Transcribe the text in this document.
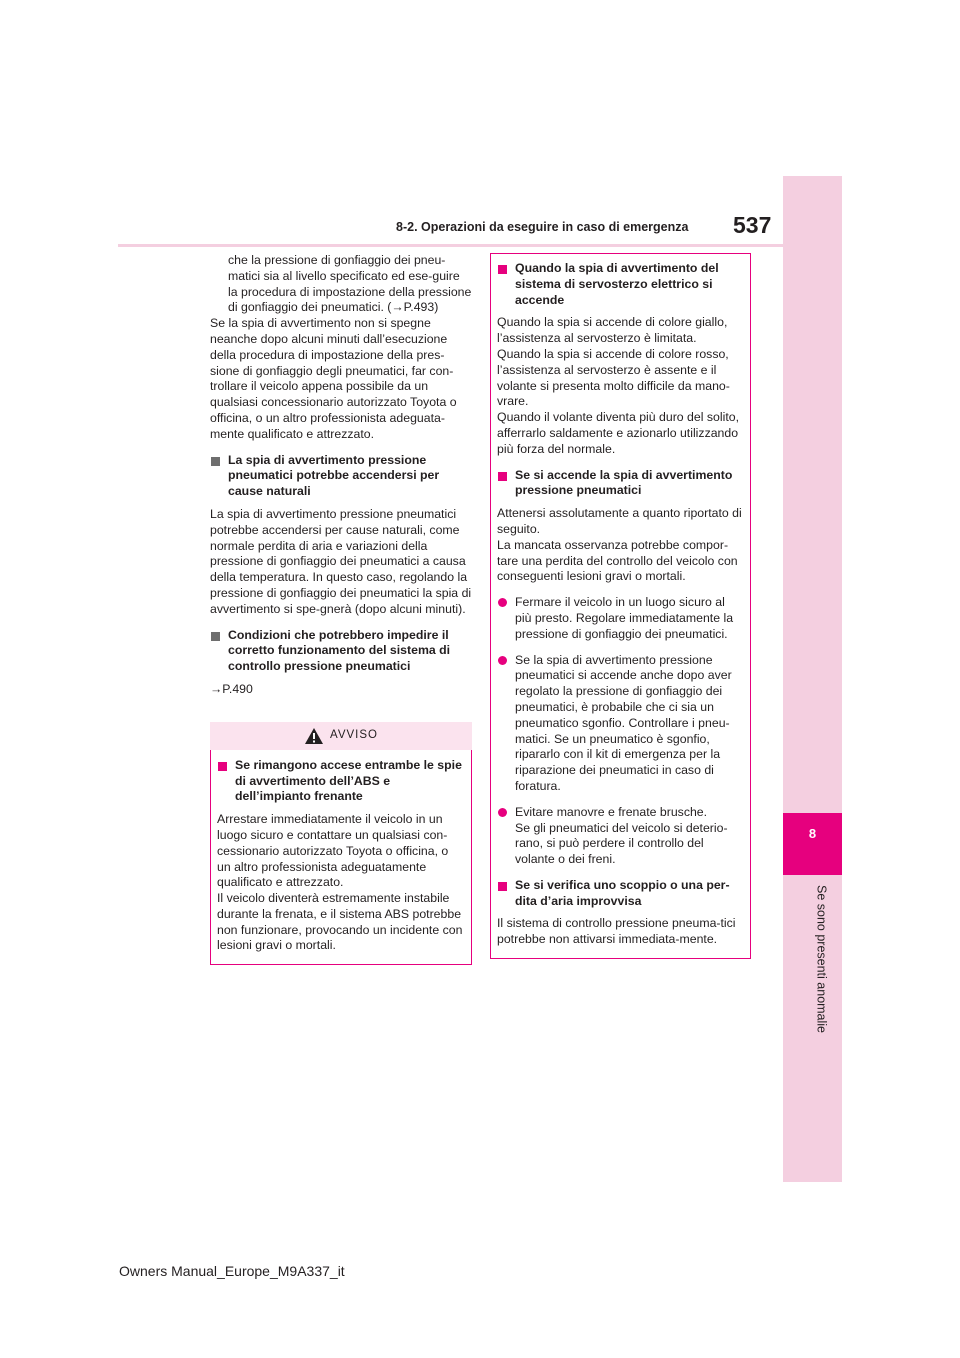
537
8-2. Operazioni da eseguire in caso di emergenza
8
Se sono presenti anomalie

che la pressione di gonfiaggio dei pneu-matici sia al livello specificato ed ese-guire la procedura di impostazione della pressione di gonfiaggio dei pneumatici. (→P.493)

Se la spia di avvertimento non si spegne neanche dopo alcuni minuti dall’esecuzione della procedura di impostazione della pres-sione di gonfiaggio degli pneumatici, far con-trollare il veicolo appena possibile da un qualsiasi concessionario autorizzato Toyota o officina, o un altro professionista adeguata-mente qualificato e attrezzato.

La spia di avvertimento pressione pneumatici potrebbe accendersi per cause naturali

La spia di avvertimento pressione pneumatici potrebbe accendersi per cause naturali, come normale perdita di aria e variazioni della pressione di gonfiaggio dei pneumatici a causa della temperatura. In questo caso, regolando la pressione di gonfiaggio dei pneumatici la spia di avvertimento si spe-gnerà (dopo alcuni minuti).

Condizioni che potrebbero impedire il corretto funzionamento del sistema di controllo pressione pneumatici

→P.490

AVVISO
Se rimangono accese entrambe le spie di avvertimento dell’ABS e dell’impianto frenante

Arrestare immediatamente il veicolo in un luogo sicuro e contattare un qualsiasi con-cessionario autorizzato Toyota o officina, o un altro professionista adeguatamente qualificato e attrezzato.
Il veicolo diventerà estremamente instabile durante la frenata, e il sistema ABS potrebbe non funzionare, provocando un incidente con lesioni gravi o mortali.

Quando la spia di avvertimento del sistema di servosterzo elettrico si accende

Quando la spia si accende di colore giallo, l’assistenza al servosterzo è limitata.
Quando la spia si accende di colore rosso, l’assistenza al servosterzo è assente e il volante si presenta molto difficile da mano-vrare.
Quando il volante diventa più duro del solito, afferrarlo saldamente e azionarlo utilizzando più forza del normale.

Se si accende la spia di avvertimento pressione pneumatici

Attenersi assolutamente a quanto riportato di seguito.
La mancata osservanza potrebbe compor-tare una perdita del controllo del veicolo con conseguenti lesioni gravi o mortali.

Fermare il veicolo in un luogo sicuro al più presto. Regolare immediatamente la pressione di gonfiaggio dei pneumatici.
Se la spia di avvertimento pressione pneumatici si accende anche dopo aver regolato la pressione di gonfiaggio dei pneumatici, è probabile che ci sia un pneumatico sgonfio. Controllare i pneu-matici. Se un pneumatico è sgonfio, ripararlo con il kit di emergenza per la riparazione dei pneumatici in caso di foratura.
Evitare manovre e frenate brusche.
Se gli pneumatici del veicolo si deterio-rano, si può perdere il controllo del volante o dei freni.
Se si verifica uno scoppio o una per-dita d’aria improvvisa

Il sistema di controllo pressione pneuma-tici potrebbe non attivarsi immediata-mente.

Owners Manual_Europe_M9A337_it
